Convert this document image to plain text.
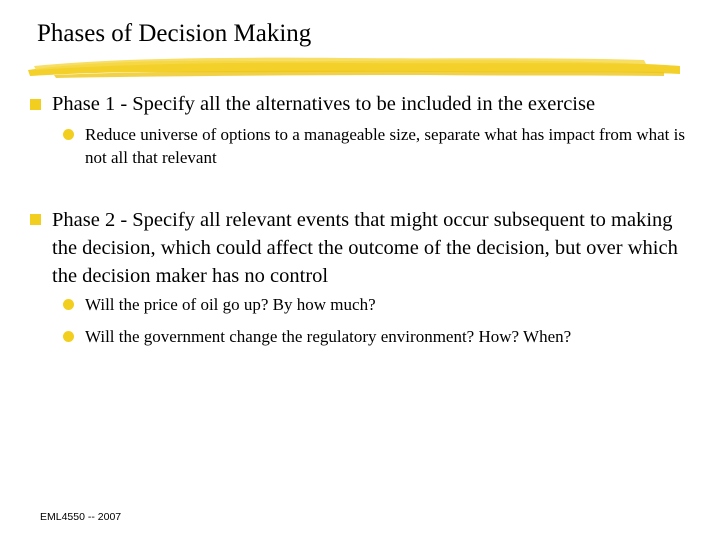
Phases of Decision Making
Phase 1 - Specify all the alternatives to be included in the exercise
Reduce universe of options to a manageable size, separate what has impact from what is not all that relevant
Phase 2 - Specify all relevant events that might occur subsequent to making the decision, which could affect the outcome of the decision, but over which the decision maker has no control
Will the price of oil go up? By how much?
Will the government change the regulatory environment? How? When?
EML4550 -- 2007
